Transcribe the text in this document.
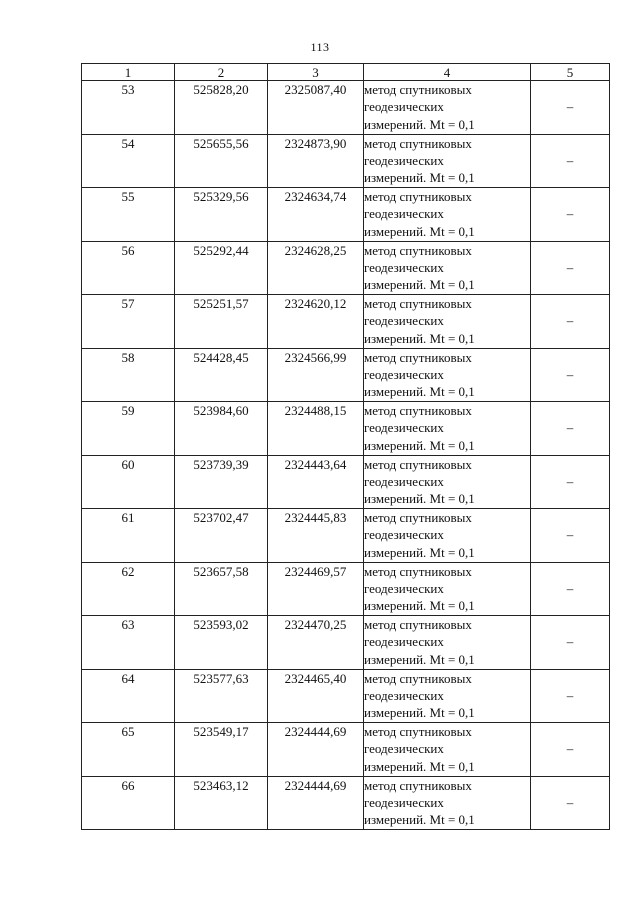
113
1	2	3	4	5
53	525828,20	2325087,40	метод спутниковых
геодезических
измерений. Mt = 0,1	–
54	525655,56	2324873,90	метод спутниковых
геодезических
измерений. Mt = 0,1	–
55	525329,56	2324634,74	метод спутниковых
геодезических
измерений. Mt = 0,1	–
56	525292,44	2324628,25	метод спутниковых
геодезических
измерений. Mt = 0,1	–
57	525251,57	2324620,12	метод спутниковых
геодезических
измерений. Mt = 0,1	–
58	524428,45	2324566,99	метод спутниковых
геодезических
измерений. Mt = 0,1	–
59	523984,60	2324488,15	метод спутниковых
геодезических
измерений. Mt = 0,1	–
60	523739,39	2324443,64	метод спутниковых
геодезических
измерений. Mt = 0,1	–
61	523702,47	2324445,83	метод спутниковых
геодезических
измерений. Mt = 0,1	–
62	523657,58	2324469,57	метод спутниковых
геодезических
измерений. Mt = 0,1	–
63	523593,02	2324470,25	метод спутниковых
геодезических
измерений. Mt = 0,1	–
64	523577,63	2324465,40	метод спутниковых
геодезических
измерений. Mt = 0,1	–
65	523549,17	2324444,69	метод спутниковых
геодезических
измерений. Mt = 0,1	–
66	523463,12	2324444,69	метод спутниковых
геодезических
измерений. Mt = 0,1	–
